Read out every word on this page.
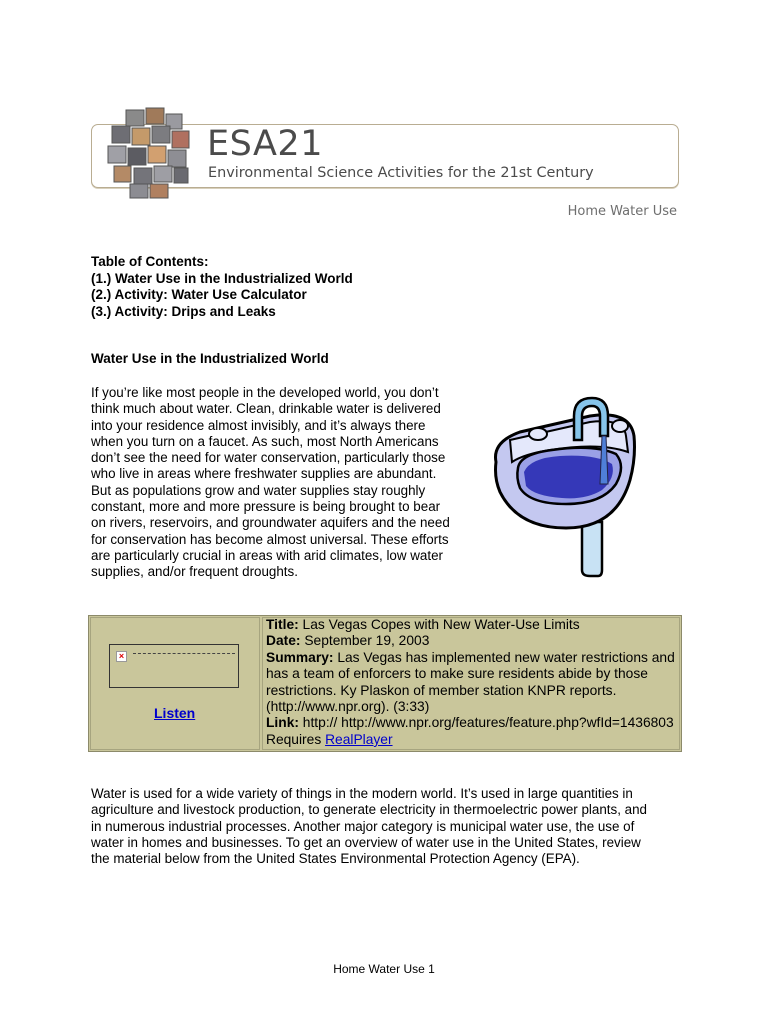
ESA21
Environmental Science Activities for the 21st Century
Home Water Use
Table of Contents:
(1.) Water Use in the Industrialized World
(2.) Activity: Water Use Calculator
(3.) Activity: Drips and Leaks
Water Use in the Industrialized World
If you’re like most people in the developed world, you don’t
think much about water. Clean, drinkable water is delivered
into your residence almost invisibly, and it’s always there
when you turn on a faucet. As such, most North Americans
don’t see the need for water conservation, particularly those
who live in areas where freshwater supplies are abundant.
But as populations grow and water supplies stay roughly
constant, more and more pressure is being brought to bear
on rivers, reservoirs, and groundwater aquifers and the need
for conservation has become almost universal. These efforts
are particularly crucial in areas with arid climates, low water
supplies, and/or frequent droughts.
×
Listen
Title: Las Vegas Copes with New Water-Use Limits
Date: September 19, 2003
Summary: Las Vegas has implemented new water restrictions and
has a team of enforcers to make sure residents abide by those
restrictions. Ky Plaskon of member station KNPR reports.
(http://www.npr.org). (3:33)
Link: http:// http://www.npr.org/features/feature.php?wfId=1436803
Requires RealPlayer
Water is used for a wide variety of things in the modern world. It’s used in large quantities in
agriculture and livestock production, to generate electricity in thermoelectric power plants, and
in numerous industrial processes. Another major category is municipal water use, the use of
water in homes and businesses. To get an overview of water use in the United States, review
the material below from the United States Environmental Protection Agency (EPA).
Home Water Use 1
